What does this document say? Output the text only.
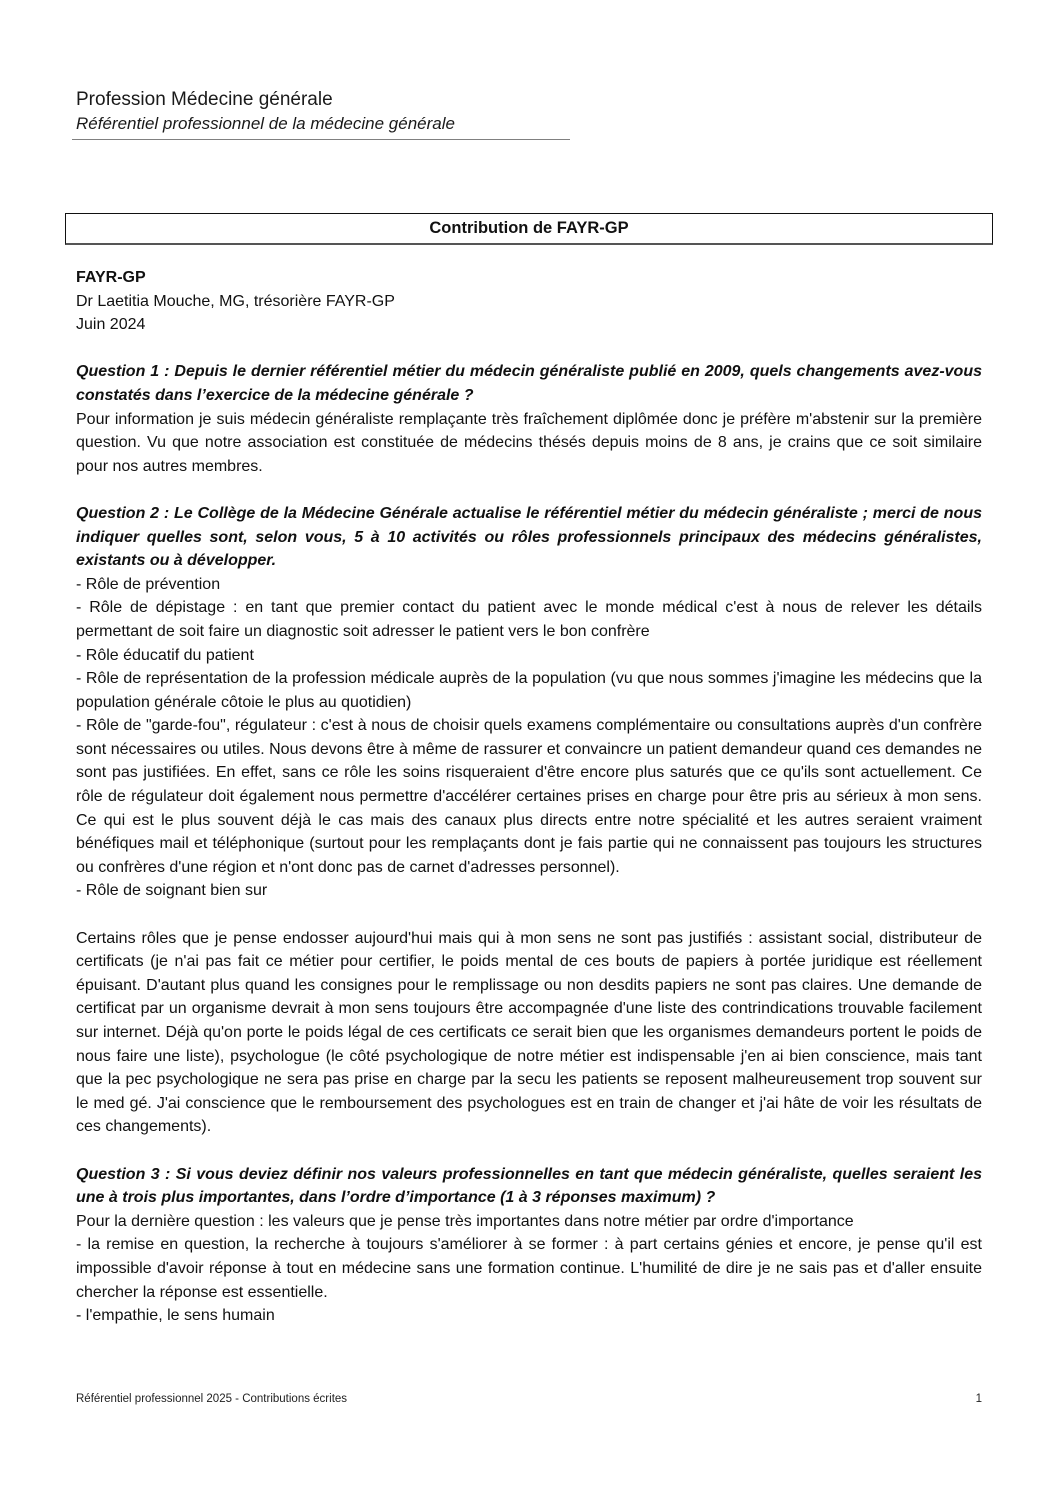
Profession Médecine générale
Référentiel professionnel de la médecine générale
Contribution de FAYR-GP
FAYR-GP
Dr Laetitia Mouche, MG, trésorière FAYR-GP
Juin 2024

Question 1 : Depuis le dernier référentiel métier du médecin généraliste publié en 2009, quels changements avez-vous constatés dans l’exercice de la médecine générale ?

Pour information je suis médecin généraliste remplaçante très fraîchement diplômée donc je préfère m'abstenir sur la première question. Vu que notre association est constituée de médecins thésés depuis moins de 8 ans, je crains que ce soit similaire pour nos autres membres.

Question 2 : Le Collège de la Médecine Générale actualise le référentiel métier du médecin généraliste ; merci de nous indiquer quelles sont, selon vous, 5 à 10 activités ou rôles professionnels principaux des médecins généralistes, existants ou à développer.

- Rôle de prévention

- Rôle de dépistage : en tant que premier contact du patient avec le monde médical c'est à nous de relever les détails permettant de soit faire un diagnostic soit adresser le patient vers le bon confrère

- Rôle éducatif du patient

- Rôle de représentation de la profession médicale auprès de la population (vu que nous sommes j'imagine les médecins que la population générale côtoie le plus au quotidien)

- Rôle de "garde-fou", régulateur : c'est à nous de choisir quels examens complémentaire ou consultations auprès d'un confrère sont nécessaires ou utiles. Nous devons être à même de rassurer et convaincre un patient demandeur quand ces demandes ne sont pas justifiées. En effet, sans ce rôle les soins risqueraient d'être encore plus saturés que ce qu'ils sont actuellement. Ce rôle de régulateur doit également nous permettre d'accélérer certaines prises en charge pour être pris au sérieux à mon sens. Ce qui est le plus souvent déjà le cas mais des canaux plus directs entre notre spécialité et les autres seraient vraiment bénéfiques mail et téléphonique (surtout pour les remplaçants dont je fais partie qui ne connaissent pas toujours les structures ou confrères d'une région et n'ont donc pas de carnet d'adresses personnel).

- Rôle de soignant bien sur

Certains rôles que je pense endosser aujourd'hui mais qui à mon sens ne sont pas justifiés : assistant social, distributeur de certificats (je n'ai pas fait ce métier pour certifier, le poids mental de ces bouts de papiers à portée juridique est réellement épuisant. D'autant plus quand les consignes pour le remplissage ou non desdits papiers ne sont pas claires. Une demande de certificat par un organisme devrait à mon sens toujours être accompagnée d'une liste des contrindications trouvable facilement sur internet. Déjà qu'on porte le poids légal de ces certificats ce serait bien que les organismes demandeurs portent le poids de nous faire une liste), psychologue (le côté psychologique de notre métier est indispensable j'en ai bien conscience, mais tant que la pec psychologique ne sera pas prise en charge par la secu les patients se reposent malheureusement trop souvent sur le med gé. J'ai conscience que le remboursement des psychologues est en train de changer et j'ai hâte de voir les résultats de ces changements).

Question 3 : Si vous deviez définir nos valeurs professionnelles en tant que médecin généraliste, quelles seraient les une à trois plus importantes, dans l’ordre d’importance (1 à 3 réponses maximum) ?

Pour la dernière question : les valeurs que je pense très importantes dans notre métier par ordre d'importance

- la remise en question, la recherche à toujours s'améliorer à se former : à part certains génies et encore, je pense qu'il est impossible d'avoir réponse à tout en médecine sans une formation continue. L'humilité de dire je ne sais pas et d'aller ensuite chercher la réponse est essentielle.

- l'empathie, le sens humain

Référentiel professionnel 2025 - Contributions écrites	1
